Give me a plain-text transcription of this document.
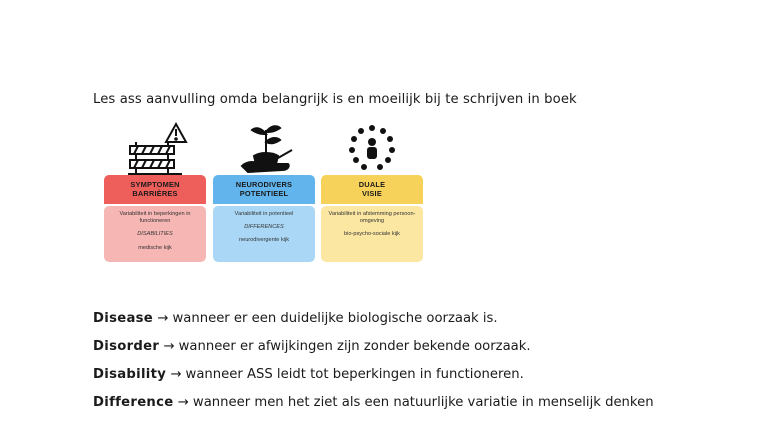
Les ass aanvulling omda belangrijk is en moeilijk bij te schrijven in boek
SYMPTOMEN
BARRIÈRES
Variabiliteit in beperkingen in functioneren
DISABILITIES
medische kijk
NEURODIVERS
POTENTIEEL
Variabiliteit in potentieel
DIFFERENCES
neurodivergente kijk
DUALE
VISIE
Variabiliteit in afstemming persoon-omgeving
bio-psycho-sociale kijk

Disease → wanneer er een duidelijke biologische oorzaak is.

Disorder → wanneer er afwijkingen zijn zonder bekende oorzaak.

Disability → wanneer ASS leidt tot beperkingen in functioneren.

Difference → wanneer men het ziet als een natuurlijke variatie in menselijk denken
